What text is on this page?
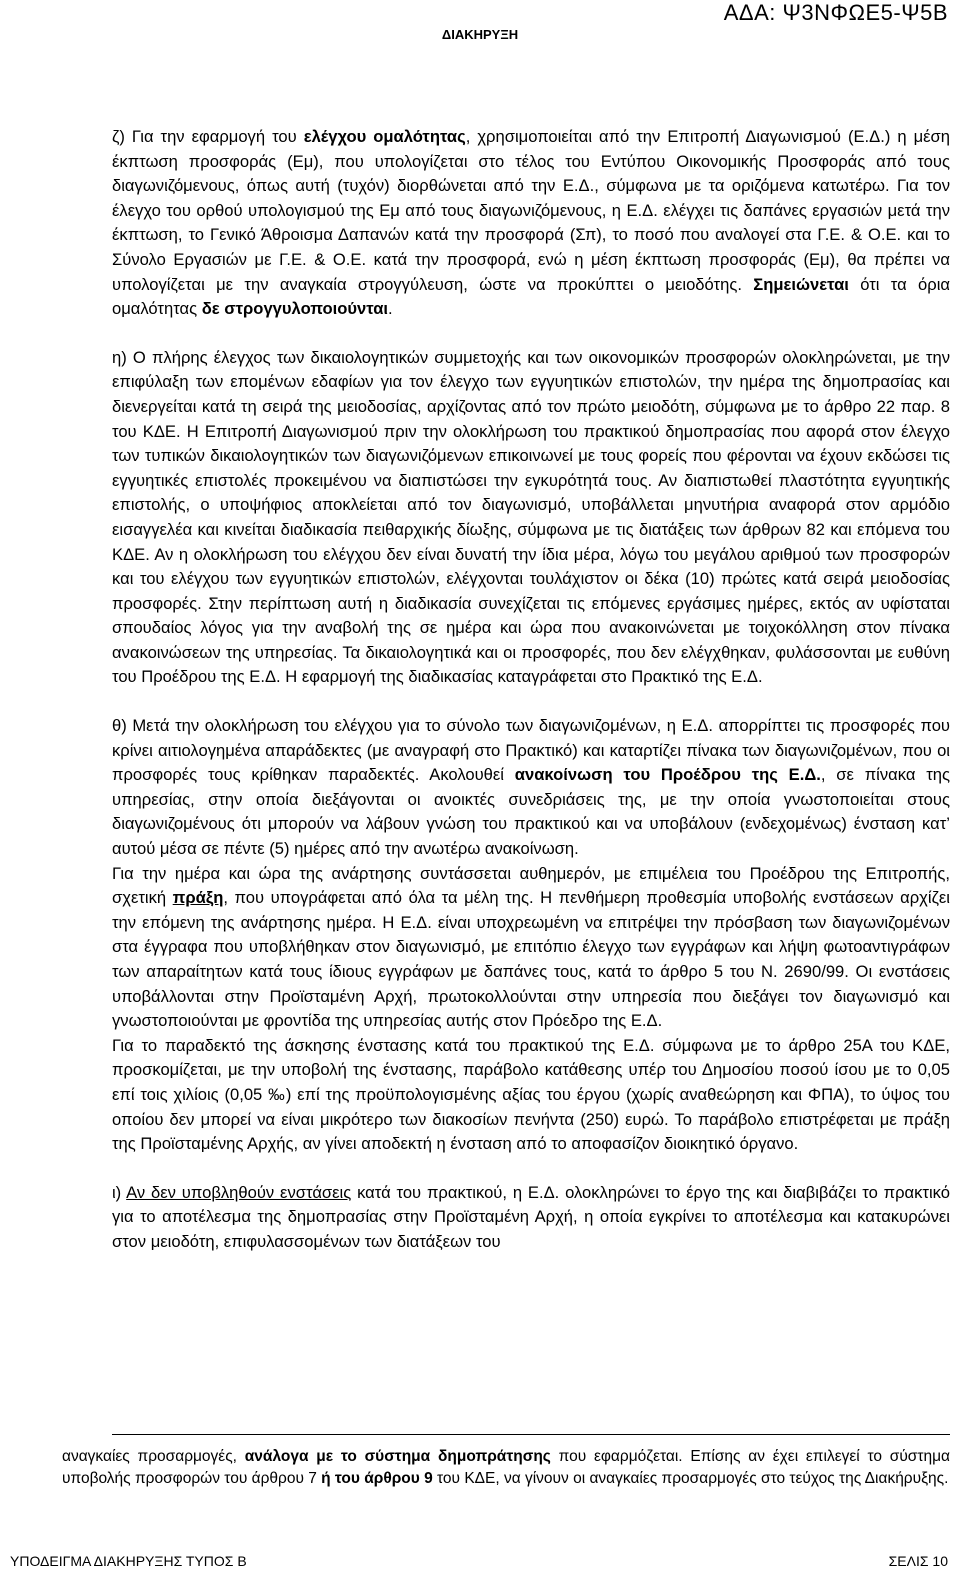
ΑΔΑ: Ψ3ΝΦΩΕ5-Ψ5Β
ΔΙΑΚΗΡΥΞΗ

ζ) Για την εφαρμογή του ελέγχου ομαλότητας, χρησιμοποιείται από την Επιτροπή Διαγωνισμού (Ε.Δ.) η μέση έκπτωση προσφοράς (Εμ), που υπολογίζεται στο τέλος του Εντύπου Οικονομικής Προσφοράς από τους διαγωνιζόμενους, όπως αυτή (τυχόν) διορθώνεται από την Ε.Δ., σύμφωνα με τα οριζόμενα κατωτέρω. Για τον έλεγχο του ορθού υπολογισμού της Εμ από τους διαγωνιζόμενους, η Ε.Δ. ελέγχει τις δαπάνες εργασιών μετά την έκπτωση, το Γενικό Άθροισμα Δαπανών κατά την προσφορά (Σπ), το ποσό που αναλογεί στα Γ.Ε. & Ο.Ε. και το Σύνολο Εργασιών με Γ.Ε. & Ο.Ε. κατά την προσφορά, ενώ η μέση έκπτωση προσφοράς (Εμ), θα πρέπει να υπολογίζεται με την αναγκαία στρογγύλευση, ώστε να προκύπτει ο μειοδότης. Σημειώνεται ότι τα όρια ομαλότητας δε στρογγυλοποιούνται.

η) Ο πλήρης έλεγχος των δικαιολογητικών συμμετοχής και των οικονομικών προσφορών ολοκληρώνεται, με την επιφύλαξη των επομένων εδαφίων για τον έλεγχο των εγγυητικών επιστολών, την ημέρα της δημοπρασίας και διενεργείται κατά τη σειρά της μειοδοσίας, αρχίζοντας από τον πρώτο μειοδότη, σύμφωνα με το άρθρο 22 παρ. 8 του ΚΔΕ. Η Επιτροπή Διαγωνισμού πριν την ολοκλήρωση του πρακτικού δημοπρασίας που αφορά στον έλεγχο των τυπικών δικαιολογητικών των διαγωνιζόμενων επικοινωνεί με τους φορείς που φέρονται να έχουν εκδώσει τις εγγυητικές επιστολές προκειμένου να διαπιστώσει την εγκυρότητά τους. Αν διαπιστωθεί πλαστότητα εγγυητικής επιστολής, ο υποψήφιος αποκλείεται από τον διαγωνισμό, υποβάλλεται μηνυτήρια αναφορά στον αρμόδιο εισαγγελέα και κινείται διαδικασία πειθαρχικής δίωξης, σύμφωνα με τις διατάξεις των άρθρων 82 και επόμενα του ΚΔΕ. Αν η ολοκλήρωση του ελέγχου δεν είναι δυνατή την ίδια μέρα, λόγω του μεγάλου αριθμού των προσφορών και του ελέγχου των εγγυητικών επιστολών, ελέγχονται τουλάχιστον οι δέκα (10) πρώτες κατά σειρά μειοδοσίας προσφορές. Στην περίπτωση αυτή η διαδικασία συνεχίζεται τις επόμενες εργάσιμες ημέρες, εκτός αν υφίσταται σπουδαίος λόγος για την αναβολή της σε ημέρα και ώρα που ανακοινώνεται με τοιχοκόλληση στον πίνακα ανακοινώσεων της υπηρεσίας. Τα δικαιολογητικά και οι προσφορές, που δεν ελέγχθηκαν, φυλάσσονται με ευθύνη του Προέδρου της Ε.Δ. Η εφαρμογή της διαδικασίας καταγράφεται στο Πρακτικό της Ε.Δ.

θ) Μετά την ολοκλήρωση του ελέγχου για το σύνολο των διαγωνιζομένων, η Ε.Δ. απορρίπτει τις προσφορές που κρίνει αιτιολογημένα απαράδεκτες (με αναγραφή στο Πρακτικό) και καταρτίζει πίνακα των διαγωνιζομένων, που οι προσφορές τους κρίθηκαν παραδεκτές. Ακολουθεί ανακοίνωση του Προέδρου της Ε.Δ., σε πίνακα της υπηρεσίας, στην οποία διεξάγονται οι ανοικτές συνεδριάσεις της, με την οποία γνωστοποιείται στους διαγωνιζομένους ότι μπορούν να λάβουν γνώση του πρακτικού και να υποβάλουν (ενδεχομένως) ένσταση κατ’ αυτού μέσα σε πέντε (5) ημέρες από την ανωτέρω ανακοίνωση.

Για την ημέρα και ώρα της ανάρτησης συντάσσεται αυθημερόν, με επιμέλεια του Προέδρου της Επιτροπής, σχετική πράξη, που υπογράφεται από όλα τα μέλη της. Η πενθήμερη προθεσμία υποβολής ενστάσεων αρχίζει την επόμενη της ανάρτησης ημέρα. Η Ε.Δ. είναι υποχρεωμένη να επιτρέψει την πρόσβαση των διαγωνιζομένων στα έγγραφα που υποβλήθηκαν στον διαγωνισμό, με επιτόπιο έλεγχο των εγγράφων και λήψη φωτοαντιγράφων των απαραίτητων κατά τους ίδιους εγγράφων με δαπάνες τους, κατά το άρθρο 5 του Ν. 2690/99. Οι ενστάσεις υποβάλλονται στην Προϊσταμένη Αρχή, πρωτοκολλούνται στην υπηρεσία που διεξάγει τον διαγωνισμό και γνωστοποιούνται με φροντίδα της υπηρεσίας αυτής στον Πρόεδρο της Ε.Δ.

Για το παραδεκτό της άσκησης ένστασης κατά του πρακτικού της Ε.Δ. σύμφωνα με το άρθρο 25Α του ΚΔΕ, προσκομίζεται, με την υποβολή της ένστασης, παράβολο κατάθεσης υπέρ του Δημοσίου ποσού ίσου με το 0,05 επί τοις χιλίοις (0,05 ‰) επί της προϋπολογισμένης αξίας του έργου (χωρίς αναθεώρηση και ΦΠΑ), το ύψος του οποίου δεν μπορεί να είναι μικρότερο των διακοσίων πενήντα (250) ευρώ. Το παράβολο επιστρέφεται με πράξη της Προϊσταμένης Αρχής, αν γίνει αποδεκτή η ένσταση από το αποφασίζον διοικητικό όργανο.

ι) Αν δεν υποβληθούν ενστάσεις κατά του πρακτικού, η Ε.Δ. ολοκληρώνει το έργο της και διαβιβάζει το πρακτικό για το αποτέλεσμα της δημοπρασίας στην Προϊσταμένη Αρχή, η οποία εγκρίνει το αποτέλεσμα και κατακυρώνει στον μειοδότη, επιφυλασσομένων των διατάξεων του

αναγκαίες προσαρμογές, ανάλογα με το σύστημα δημοπράτησης που εφαρμόζεται. Επίσης αν έχει επιλεγεί το σύστημα υποβολής προσφορών του άρθρου 7 ή του άρθρου 9 του ΚΔΕ, να γίνουν οι αναγκαίες προσαρμογές στο τεύχος της Διακήρυξης.
ΥΠΟΔΕΙΓΜΑ ΔΙΑΚΗΡΥΞΗΣ ΤΥΠΟΣ Β	ΣΕΛΙΣ 10
